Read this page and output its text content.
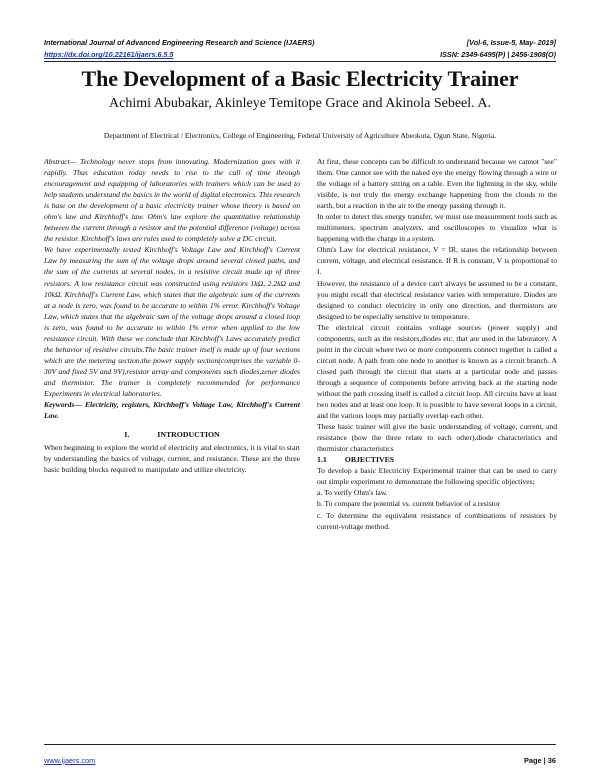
International Journal of Advanced Engineering Research and Science (IJAERS)	[Vol-6, Issue-5, May- 2019]
https://dx.doi.org/10.22161/ijaers.6.5.5	ISSN: 2349-6495(P) | 2456-1908(O)
The Development of a Basic Electricity Trainer
Achimi Abubakar, Akinleye Temitope Grace and Akinola Sebeel. A.
Department of Electrical / Electronics, College of Engineering, Federal University of Agriculture Abeokuta, Ogun State, Nigeria.

Abstract— Technology never stops from innovating. Modernization goes with it rapidly. Thus education today needs to rise to the call of time through encouragement and equipping of laboratories with trainers which can be used to help students understand the basics in the world of digital electronics. This research is base on the development of a basic electricity trainer whose theory is based on ohm's law and Kirchhoff's law. Ohm's law explore the quantitative relationship between the current through a resistor and the potential difference (voltage) across the resistor. Kirchhoff's laws are rules used to completely solve a DC circuit.

We have experimentally tested Kirchhoff's Voltage Law and Kirchhoff's Current Law by measuring the sum of the voltage drops around several closed paths, and the sum of the currents at several nodes, in a resistive circuit made up of three resistors. A low resistance circuit was constructed using resistors 1kΩ, 2.2kΩ and 10kΩ. Kirchhoff's Current Law, which states that the algebraic sum of the currents at a node is zero, was found to be accurate to within 1% error. Kirchhoff's Voltage Law, which states that the algebraic sum of the voltage drops around a closed loop is zero, was found to be accurate to within 1% error when applied to the low resistance circuit. With these we conclude that Kirchhoff's Laws accurately predict the behavior of resistive circuits.The basic trainer itself is made up of four sections which are the metering section,the power supply section(comprises the variable 0-30V and fixed 5V and 9V),resistor array and components such diodes,zener diodes and thermistor. The trainer is completely recommended for performance Experiments in electrical laboratories.

Keywords— Electricity, registers, Kirchhoff's Voltage Law, Kirchhoff's Current Law.

I.	INTRODUCTION

When beginning to explore the world of electricity and electronics, it is vital to start by understanding the basics of voltage, current, and resistance. These are the three basic building blocks required to manipulate and utilize electricity.

At first, these concepts can be difficult to understand because we cannot "see" them. One cannot see with the naked eye the energy flowing through a wire or the voltage of a battery sitting on a table. Even the lightning in the sky, while visible, is not truly the energy exchange happening from the clouds to the earth, but a reaction in the air to the energy passing through it.

In order to detect this energy transfer, we must use measurement tools such as multimeters, spectrum analyzers, and oscilloscopes to visualize what is happening with the charge in a system.

Ohm's Law for electrical resistance, V = IR, states the relationship between current, voltage, and electrical resistance. If R is constant, V is proportional to I.

However, the resistance of a device can't always be assumed to be a constant, you might recall that electrical resistance varies with temperature. Diodes are designed to conduct electricity in only one direction, and thermistors are designed to be especially sensitive to temperature.

The electrical circuit contains voltage sources (power supply) and components, such as the resistors,diodes etc. that are used in the laboratory. A point in the circuit where two or more components connect together is called a circuit node. A path from one node to another is known as a circuit branch. A closed path through the circuit that starts at a particular node and passes through a sequence of components before arriving back at the starting node without the path crossing itself is called a circuit loop. All circuits have at least two nodes and at least one loop. It is possible to have several loops in a circuit, and the various loops may partially overlap each other.

These basic trainer will give the basic understanding of voltage, current, and resistance (how the three relate to each other),diode characteristics and thermistor characteristics

1.1 OBJECTIVES

To develop a basic Electricity Experimental trainer that can be used to carry out simple experiment to demonstrate the following specific objectives;

a. To verify Ohm's law.

b. To compare the potential vs. current behavior of a resistor

c. To determine the equivalent resistance of combinations of resistors by current-voltage method.

www.ijaers.com	Page | 36
